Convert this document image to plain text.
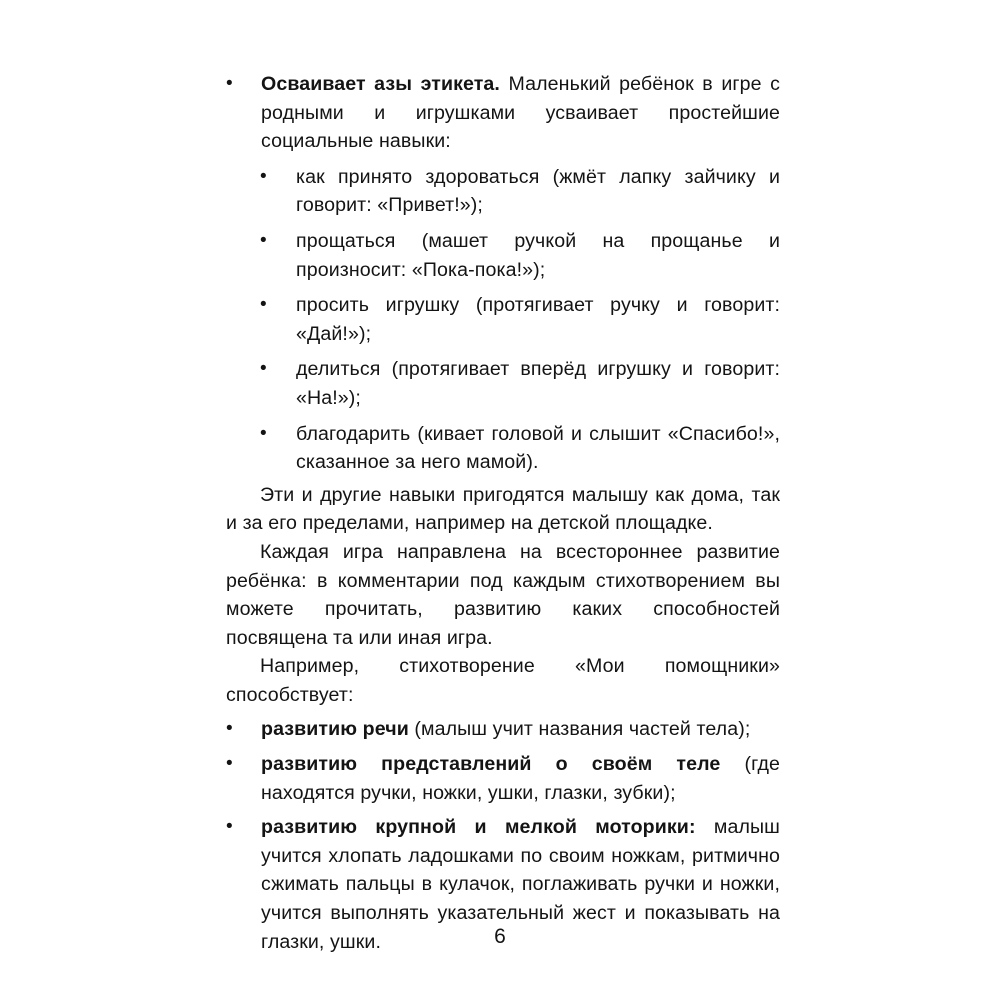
• Осваивает азы этикета. Маленький ребёнок в игре с родными и игрушками усваивает простейшие социальные навыки:
• как принято здороваться (жмёт лапку зайчику и говорит: «Привет!»);
• прощаться (машет ручкой на прощанье и произносит: «Пока-пока!»);
• просить игрушку (протягивает ручку и говорит: «Дай!»);
• делиться (протягивает вперёд игрушку и говорит: «На!»);
• благодарить (кивает головой и слышит «Спасибо!», сказанное за него мамой).

Эти и другие навыки пригодятся малышу как дома, так и за его пределами, например на детской площадке.

Каждая игра направлена на всестороннее развитие ребёнка: в комментарии под каждым стихотворением вы можете прочитать, развитию каких способностей посвящена та или иная игра.

Например, стихотворение «Мои помощники» способствует:

• развитию речи (малыш учит названия частей тела);
• развитию представлений о своём теле (где находятся ручки, ножки, ушки, глазки, зубки);
• развитию крупной и мелкой моторики: малыш учится хлопать ладошками по своим ножкам, ритмично сжимать пальцы в кулачок, поглаживать ручки и ножки, учится выполнять указательный жест и показывать на глазки, ушки.	6
